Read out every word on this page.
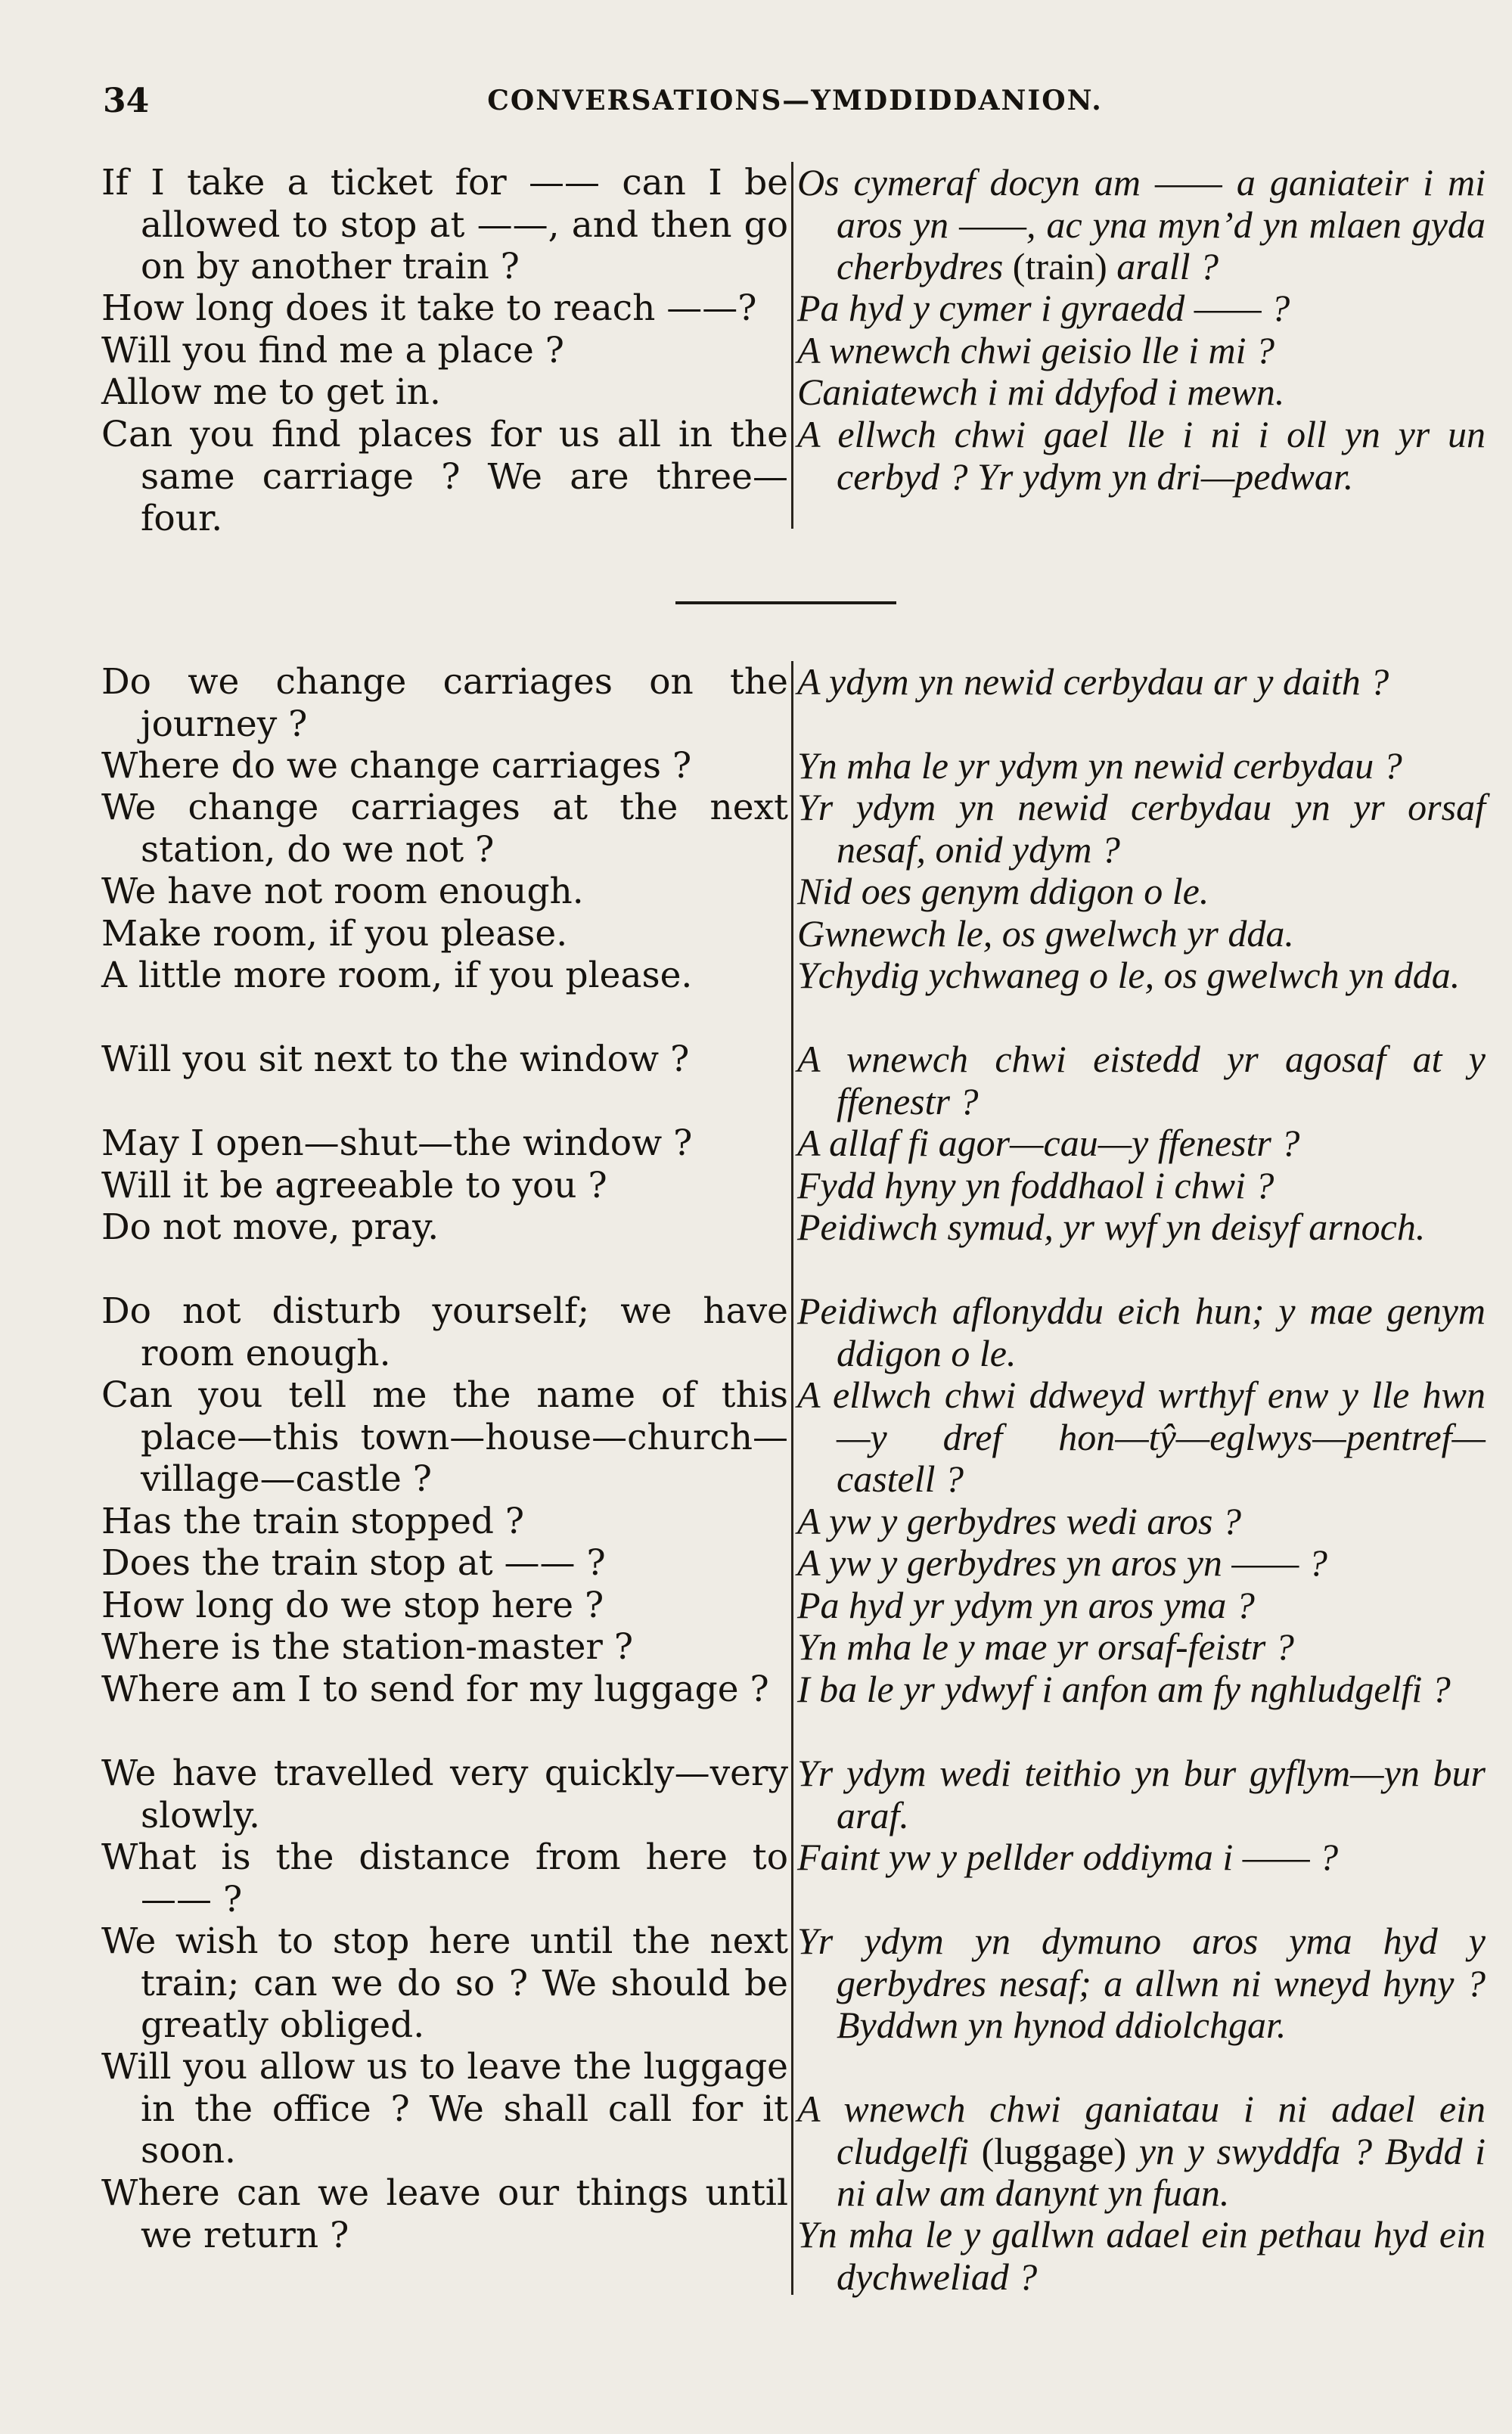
34	CONVERSATIONS—YMDDIDDANION.
If I take a ticket for —— can I be allowed to stop at ——, and then go on by another train ?
How long does it take to reach ——?
Will you find me a place ?
Allow me to get in.
Can you find places for us all in the same carriage ? We are three—four.
Os cymeraf docyn am —— a ganiateir i mi aros yn ——, ac yna myn’d yn mlaen gyda cherbydres (train) arall ?
Pa hyd y cymer i gyraedd —— ?
A wnewch chwi geisio lle i mi ?
Caniatewch i mi ddyfod i mewn.
A ellwch chwi gael lle i ni i oll yn yr un cerbyd ? Yr ydym yn dri—pedwar.
Do we change carriages on the journey ?
Where do we change carriages ?
We change carriages at the next station, do we not ?
We have not room enough.
Make room, if you please.
A little more room, if you please.
Will you sit next to the window ?
May I open—shut—the window ?
Will it be agreeable to you ?
Do not move, pray.
Do not disturb yourself; we have room enough.
Can you tell me the name of this place—this town—house—church—village—castle ?
Has the train stopped ?
Does the train stop at —— ?
How long do we stop here ?
Where is the station-master ?
Where am I to send for my luggage ?
We have travelled very quickly—very slowly.
What is the distance from here to —— ?
We wish to stop here until the next train; can we do so ? We should be greatly obliged.
Will you allow us to leave the luggage in the office ? We shall call for it soon.
Where can we leave our things until we return ?
A ydym yn newid cerbydau ar y daith ?
Yn mha le yr ydym yn newid cerbydau ?
Yr ydym yn newid cerbydau yn yr orsaf nesaf, onid ydym ?
Nid oes genym ddigon o le.
Gwnewch le, os gwelwch yr dda.
Ychydig ychwaneg o le, os gwelwch yn dda.
A wnewch chwi eistedd yr agosaf at y ffenestr ?
A allaf fi agor—cau—y ffenestr ?
Fydd hyny yn foddhaol i chwi ?
Peidiwch symud, yr wyf yn deisyf arnoch.
Peidiwch aflonyddu eich hun; y mae genym ddigon o le.
A ellwch chwi ddweyd wrthyf enw y lle hwn—y dref hon—tŷ—eglwys—pentref—castell ?
A yw y gerbydres wedi aros ?
A yw y gerbydres yn aros yn —— ?
Pa hyd yr ydym yn aros yma ?
Yn mha le y mae yr orsaf-feistr ?
I ba le yr ydwyf i anfon am fy nghludgelfi ?
Yr ydym wedi teithio yn bur gyflym—yn bur araf.
Faint yw y pellder oddiyma i —— ?
Yr ydym yn dymuno aros yma hyd y gerbydres nesaf; a allwn ni wneyd hyny ? Byddwn yn hynod ddiolchgar.
A wnewch chwi ganiatau i ni adael ein cludgelfi (luggage) yn y swyddfa ? Bydd i ni alw am danynt yn fuan.
Yn mha le y gallwn adael ein pethau hyd ein dychweliad ?
